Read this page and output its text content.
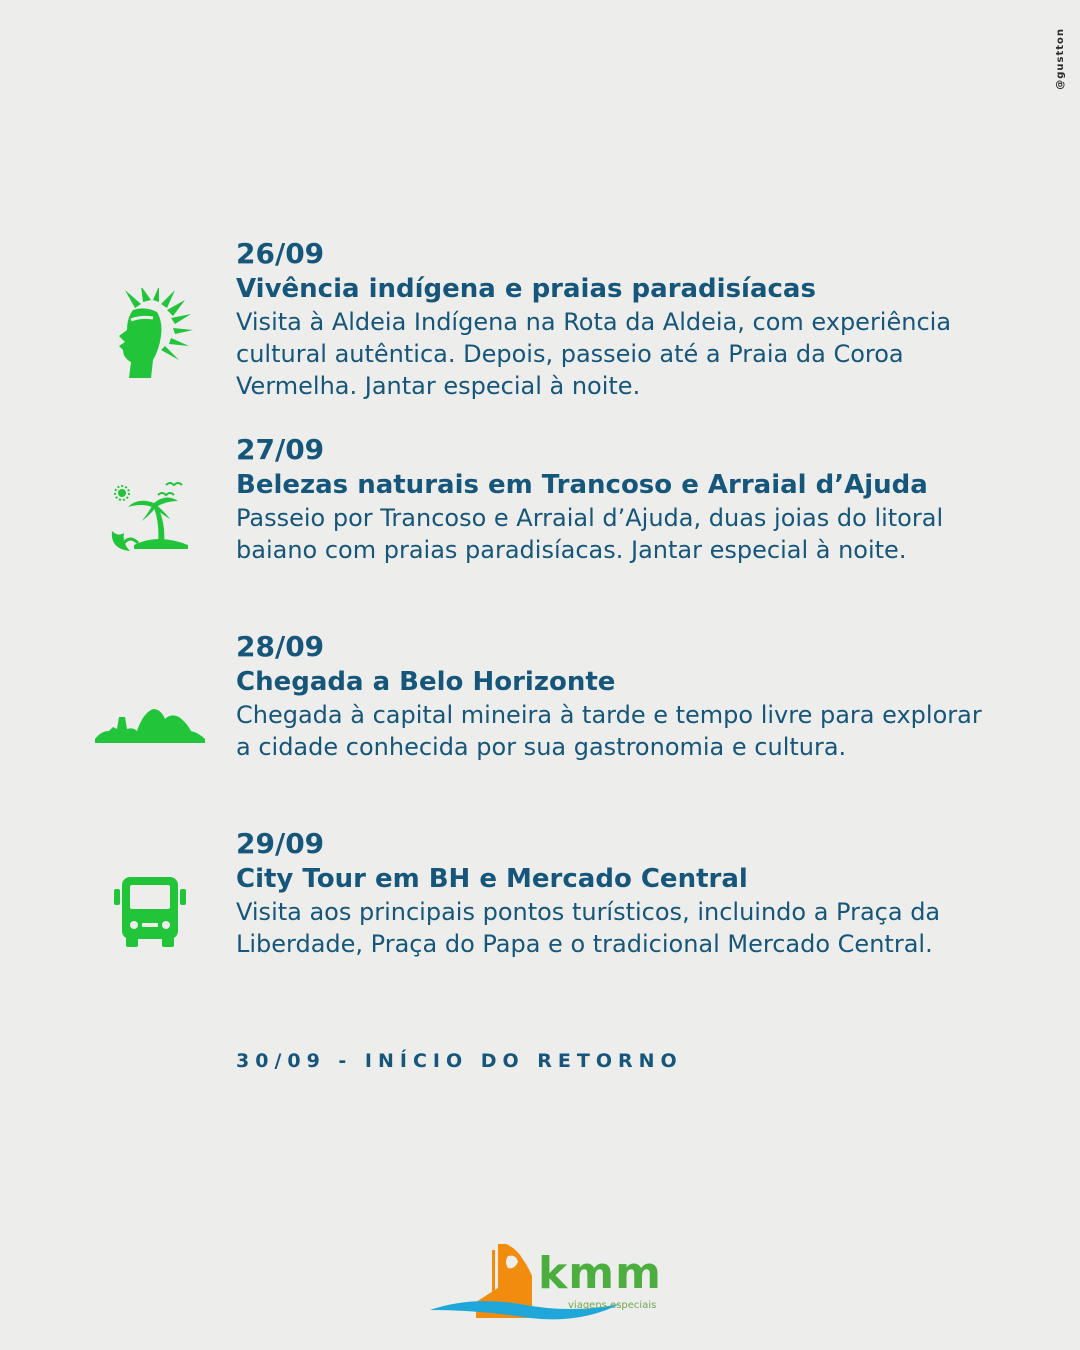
@gustton

26/09

Vivência indígena e praias paradisíacas

Visita à Aldeia Indígena na Rota da Aldeia, com experiência cultural autêntica. Depois, passeio até a Praia da Coroa Vermelha. Jantar especial à noite.

27/09

Belezas naturais em Trancoso e Arraial d’Ajuda

Passeio por Trancoso e Arraial d’Ajuda, duas joias do litoral baiano com praias paradisíacas. Jantar especial à noite.

28/09

Chegada a Belo Horizonte

Chegada à capital mineira à tarde e tempo livre para explorar a cidade conhecida por sua gastronomia e cultura.

29/09

City Tour em BH e Mercado Central

Visita aos principais pontos turísticos, incluindo a Praça da Liberdade, Praça do Papa e o tradicional Mercado Central.

30/09 - INÍCIO DO RETORNO
kmm
viagens especiais
